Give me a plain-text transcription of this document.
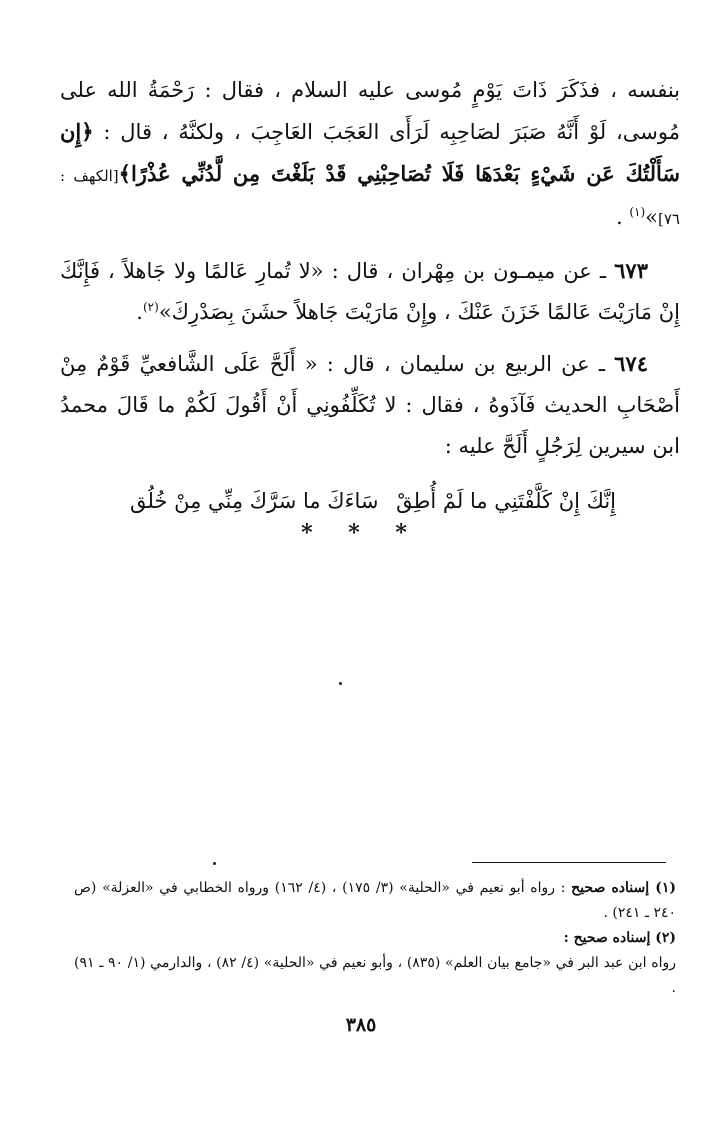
بنفسه ، فذَكَرَ ذَاتَ يَوْمٍ مُوسى عليه السلام ، فقال : رَحْمَةُ الله على مُوسى، لَوْ أَنَّهُ صَبَرَ لصَاحِبِه لَرَأَى العَجَبَ العَاجِبَ ، ولكنَّهُ ، قال : ﴿إِن سَأَلْتُكَ عَن شَيْءٍ بَعْدَهَا فَلَا تُصَاحِبْنِي قَدْ بَلَغْتَ مِن لَّدُنِّي عُذْرًا﴾[الكهف : ٧٦]»$^{(١)}$ .

٦٧٣ ـ عن ميمـون بن مِهْران ، قال : «لا تُمارِ عَالمًا ولا جَاهلاً ، فَإِنَّكَ إِنْ مَارَيْتَ عَالمًا خَزَنَ عَنْكَ ، وإِنْ مَارَيْتَ جَاهلاً حشَنَ بِصَدْرِكَ»$^{(٢)}$.

٦٧٤ ـ عن الربيع بن سليمان ، قال : « أَلَحَّ عَلَى الشَّافعيِّ قَوْمٌ مِنْ أَصْحَابِ الحديث فَآذَوهُ ، فقال : لا تُكَلِّفُونِي أَنْ أَقُولَ لَكُمْ ما قَالَ محمدُ ابن سيرين لِرَجُلٍ أَلَحَّ عليه :

إِنَّكَ إِنْ كَلَّفْتَنِي ما لَمْ أُطِقْ
سَاءَكَ ما سَرَّكَ مِنِّي مِنْ خُلُق
* * *

(١) إسناده صحيح : رواه أبو نعيم في «الحلية» (٣/ ١٧٥) ، (٤/ ١٦٢) ورواه الخطابي في «العزلة» (ص ٢٤٠ ـ ٢٤١) .

(٢) إسناده صحيح :
رواه ابن عبد البر في «جامع بيان العلم» (٨٣٥) ، وأبو نعيم في «الحلية» (٤/ ٨٢) ، والدارمي (١/ ٩٠ ـ ٩١) .

٣٨٥
